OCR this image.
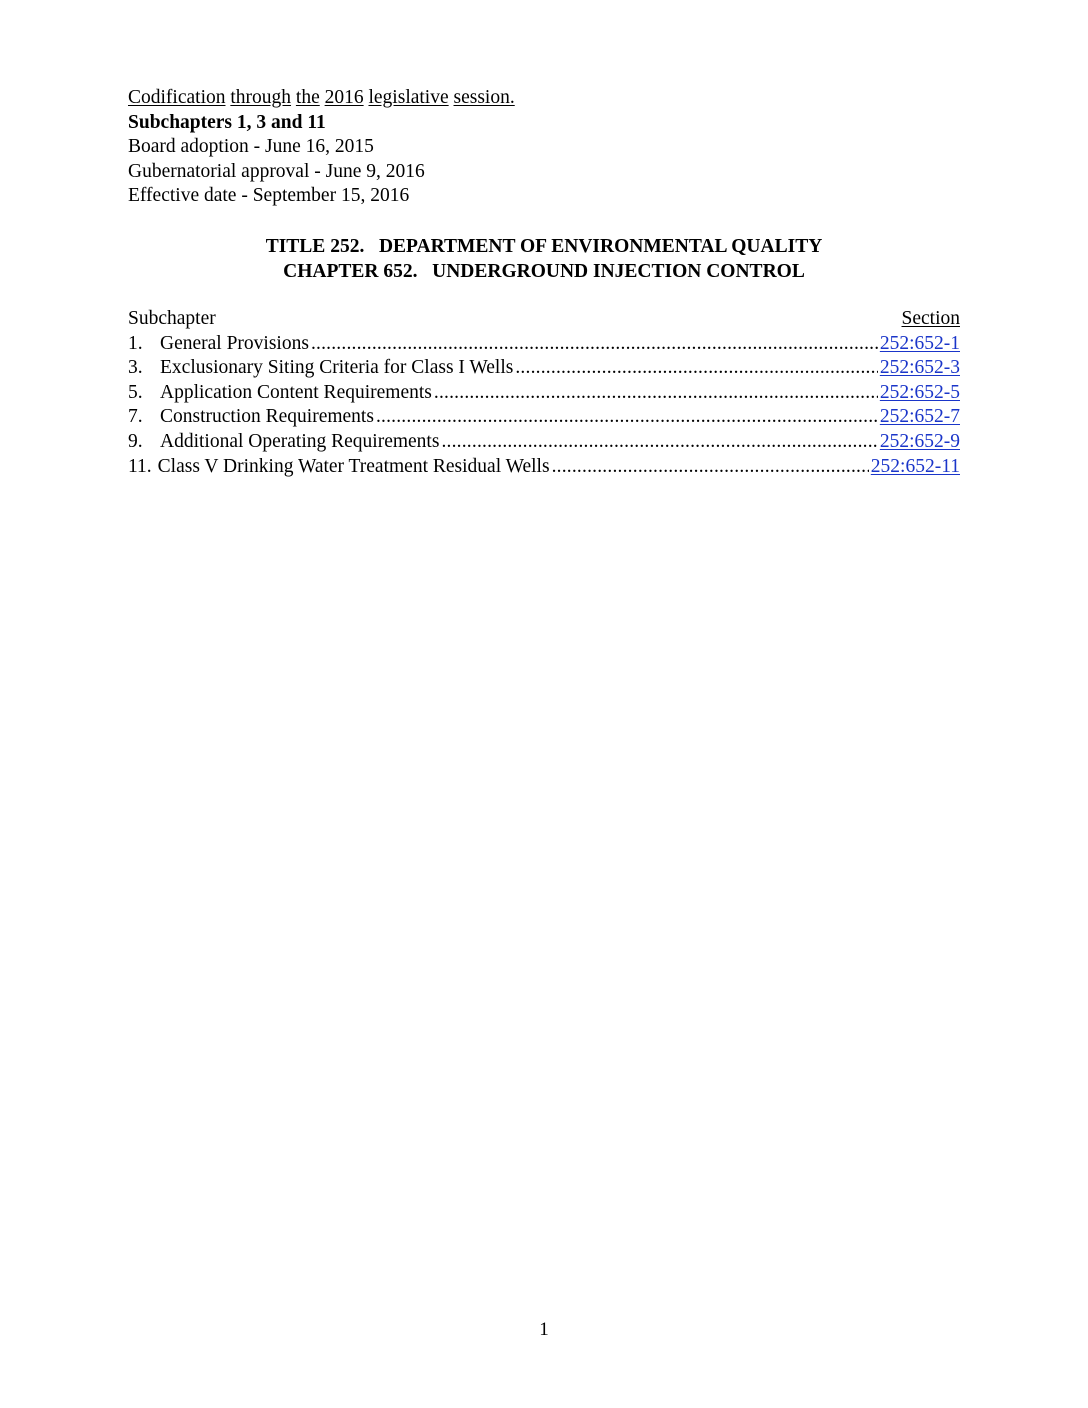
Codification through the 2016 legislative session.
Subchapters 1, 3 and 11
Board adoption - June 16, 2015
Gubernatorial approval - June 9, 2016
Effective date - September 15, 2016
TITLE 252.   DEPARTMENT OF ENVIRONMENTAL QUALITY
CHAPTER 652.   UNDERGROUND INJECTION CONTROL
Subchapter	Section
1. General Provisions .....	252:652-1
3. Exclusionary Siting Criteria for Class I Wells .....	252:652-3
5. Application Content Requirements .....	252:652-5
7. Construction Requirements .....	252:652-7
9. Additional Operating Requirements .....	252:652-9
11. Class V Drinking Water Treatment Residual Wells .....	252:652-11
1
